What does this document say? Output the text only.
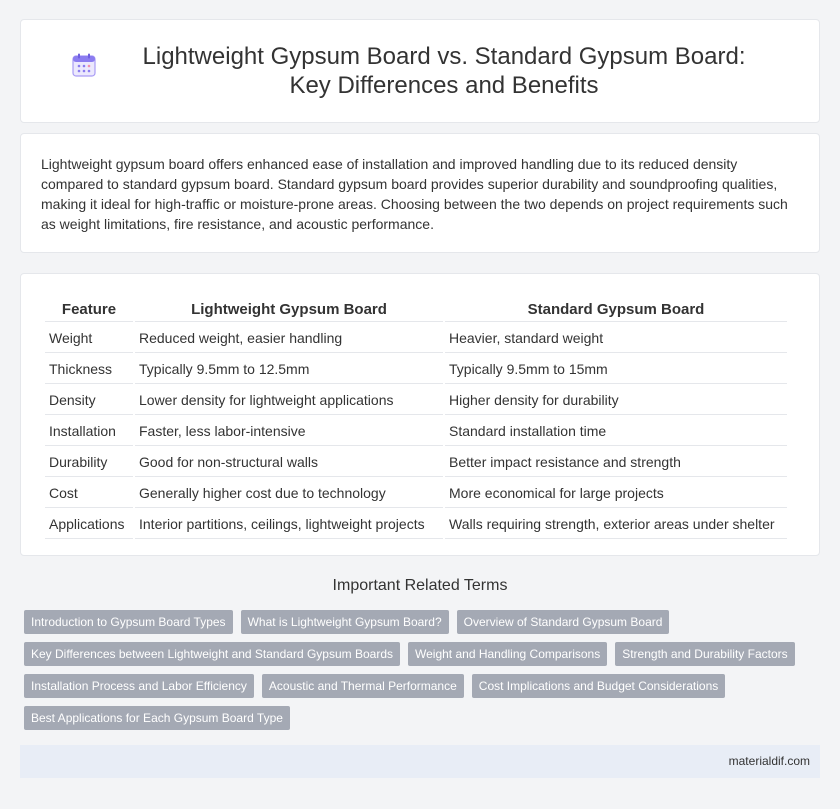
Lightweight Gypsum Board vs. Standard Gypsum Board: Key Differences and Benefits

Lightweight gypsum board offers enhanced ease of installation and improved handling due to its reduced density compared to standard gypsum board. Standard gypsum board provides superior durability and soundproofing qualities, making it ideal for high-traffic or moisture-prone areas. Choosing between the two depends on project requirements such as weight limitations, fire resistance, and acoustic performance.

Feature	Lightweight Gypsum Board	Standard Gypsum Board
Weight	Reduced weight, easier handling	Heavier, standard weight
Thickness	Typically 9.5mm to 12.5mm	Typically 9.5mm to 15mm
Density	Lower density for lightweight applications	Higher density for durability
Installation	Faster, less labor-intensive	Standard installation time
Durability	Good for non-structural walls	Better impact resistance and strength
Cost	Generally higher cost due to technology	More economical for large projects
Applications	Interior partitions, ceilings, lightweight projects	Walls requiring strength, exterior areas under shelter
Important Related Terms
Introduction to Gypsum Board Types	What is Lightweight Gypsum Board?	Overview of Standard Gypsum Board
Key Differences between Lightweight and Standard Gypsum Boards	Weight and Handling Comparisons	Strength and Durability Factors
Installation Process and Labor Efficiency	Acoustic and Thermal Performance	Cost Implications and Budget Considerations
Best Applications for Each Gypsum Board Type
materialdif.com
